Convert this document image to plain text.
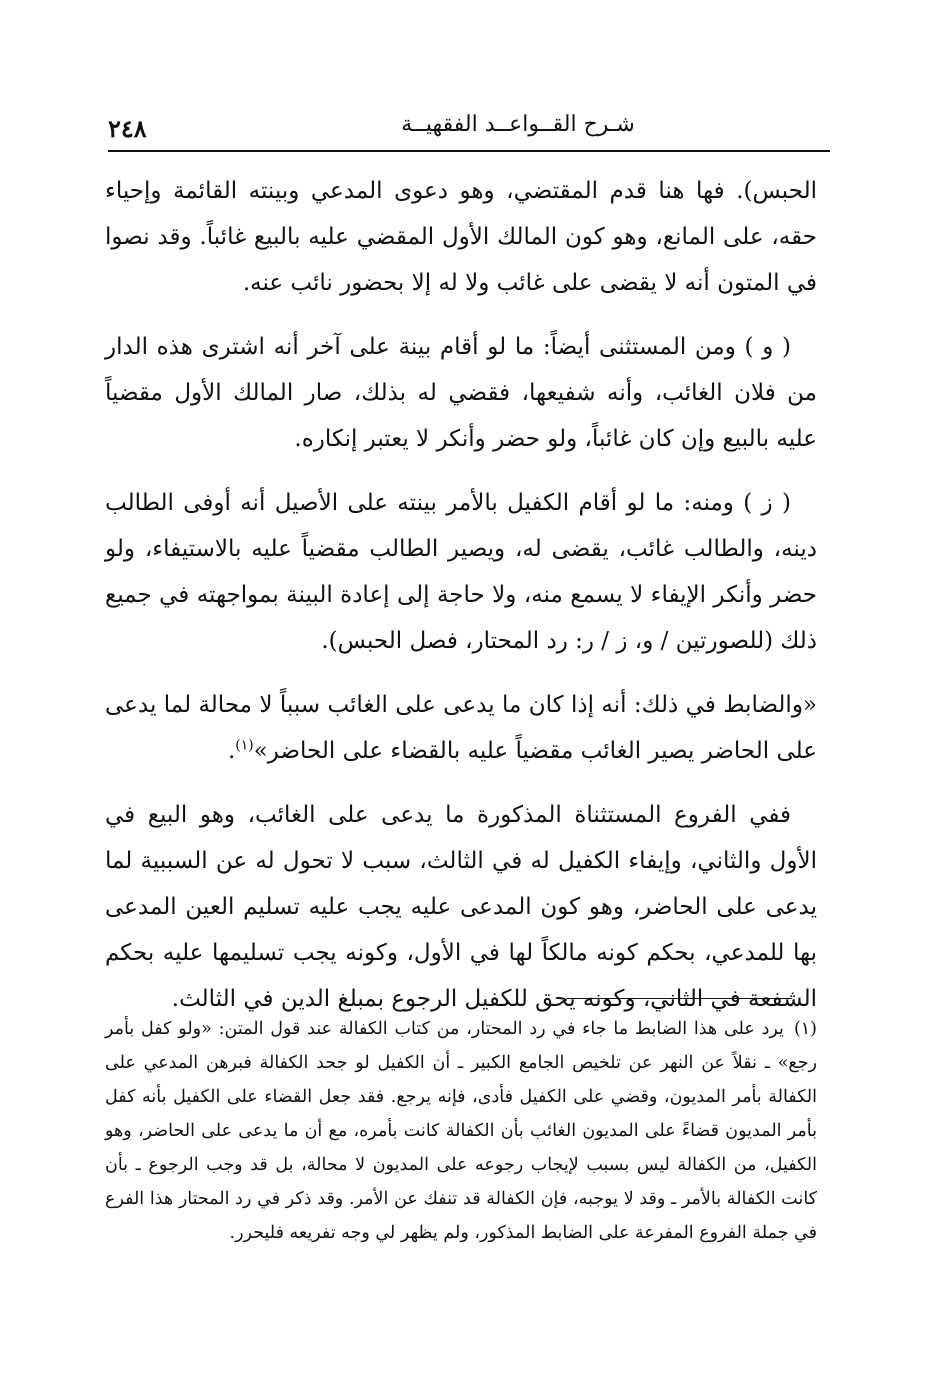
٢٤٨	شـرح القــواعــد الفقهيــة

الحبس). فها هنا قدم المقتضي، وهو دعوى المدعي وبينته القائمة وإحياء حقه، على المانع، وهو كون المالك الأول المقضي عليه بالبيع غائباً. وقد نصوا في المتون أنه لا يقضى على غائب ولا له إلا بحضور نائب عنه.

( و ) ومن المستثنى أيضاً: ما لو أقام بينة على آخر أنه اشترى هذه الدار من فلان الغائب، وأنه شفيعها، فقضي له بذلك، صار المالك الأول مقضياً عليه بالبيع وإن كان غائباً، ولو حضر وأنكر لا يعتبر إنكاره.

( ز ) ومنه: ما لو أقام الكفيل بالأمر بينته على الأصيل أنه أوفى الطالب دينه، والطالب غائب، يقضى له، ويصير الطالب مقضياً عليه بالاستيفاء، ولو حضر وأنكر الإيفاء لا يسمع منه، ولا حاجة إلى إعادة البينة بمواجهته في جميع ذلك (للصورتين / و، ز / ر: رد المحتار، فصل الحبس).

«والضابط في ذلك: أنه إذا كان ما يدعى على الغائب سبباً لا محالة لما يدعى على الحاضر يصير الغائب مقضياً عليه بالقضاء على الحاضر»$^{(١)}$.

ففي الفروع المستثناة المذكورة ما يدعى على الغائب، وهو البيع في الأول والثاني، وإيفاء الكفيل له في الثالث، سبب لا تحول له عن السببية لما يدعى على الحاضر، وهو كون المدعى عليه يجب عليه تسليم العين المدعى بها للمدعي، بحكم كونه مالكاً لها في الأول، وكونه يجب تسليمها عليه بحكم الشفعة في الثاني، وكونه يحق للكفيل الرجوع بمبلغ الدين في الثالث.

(١)يرد على هذا الضابط ما جاء في رد المحتار، من كتاب الكفالة عند قول المتن: «ولو كفل بأمر رجع» ـ نقلاً عن النهر عن تلخيص الجامع الكبير ـ أن الكفيل لو جحد الكفالة فبرهن المدعي على الكفالة بأمر المديون، وقضي على الكفيل فأدى، فإنه يرجع. فقد جعل القضاء على الكفيل بأنه كفل بأمر المديون قضاءً على المديون الغائب بأن الكفالة كانت بأمره، مع أن ما يدعى على الحاضر، وهو الكفيل، من الكفالة ليس بسبب لإيجاب رجوعه على المديون لا محالة، بل قد وجب الرجوع ـ بأن كانت الكفالة بالأمر ـ وقد لا يوجبه، فإن الكفالة قد تنفك عن الأمر. وقد ذكر في رد المحتار هذا الفرع في جملة الفروع المفرعة على الضابط المذكور، ولم يظهر لي وجه تفريعه فليحرر.
